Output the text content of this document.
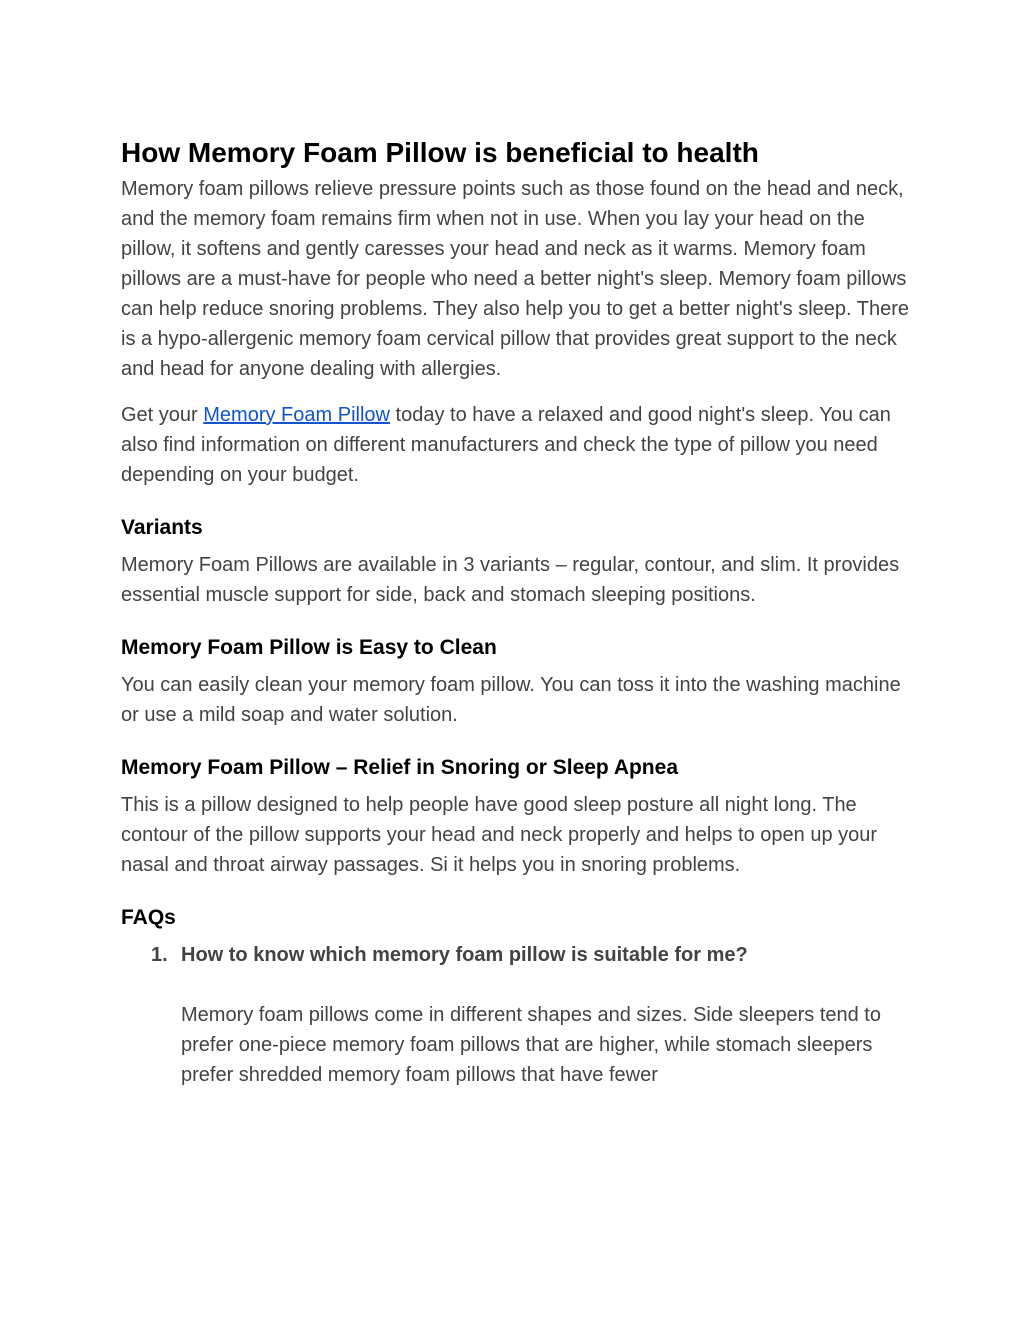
How Memory Foam Pillow is beneficial to health

Memory foam pillows relieve pressure points such as those found on the head and neck, and the memory foam remains firm when not in use. When you lay your head on the pillow, it softens and gently caresses your head and neck as it warms. Memory foam pillows are a must-have for people who need a better night's sleep. Memory foam pillows can help reduce snoring problems. They also help you to get a better night's sleep. There is a hypo-allergenic memory foam cervical pillow that provides great support to the neck and head for anyone dealing with allergies.

Get your Memory Foam Pillow today to have a relaxed and good night's sleep. You can also find information on different manufacturers and check the type of pillow you need depending on your budget.

Variants

Memory Foam Pillows are available in 3 variants – regular, contour, and slim. It provides essential muscle support for side, back and stomach sleeping positions.

Memory Foam Pillow is Easy to Clean

You can easily clean your memory foam pillow. You can toss it into the washing machine or use a mild soap and water solution.

Memory Foam Pillow – Relief in Snoring or Sleep Apnea

This is a pillow designed to help people have good sleep posture all night long. The contour of the pillow supports your head and neck properly and helps to open up your nasal and throat airway passages. Si it helps you in snoring problems.

FAQs
1. How to know which memory foam pillow is suitable for me?

Memory foam pillows come in different shapes and sizes. Side sleepers tend to prefer one-piece memory foam pillows that are higher, while stomach sleepers prefer shredded memory foam pillows that have fewer
